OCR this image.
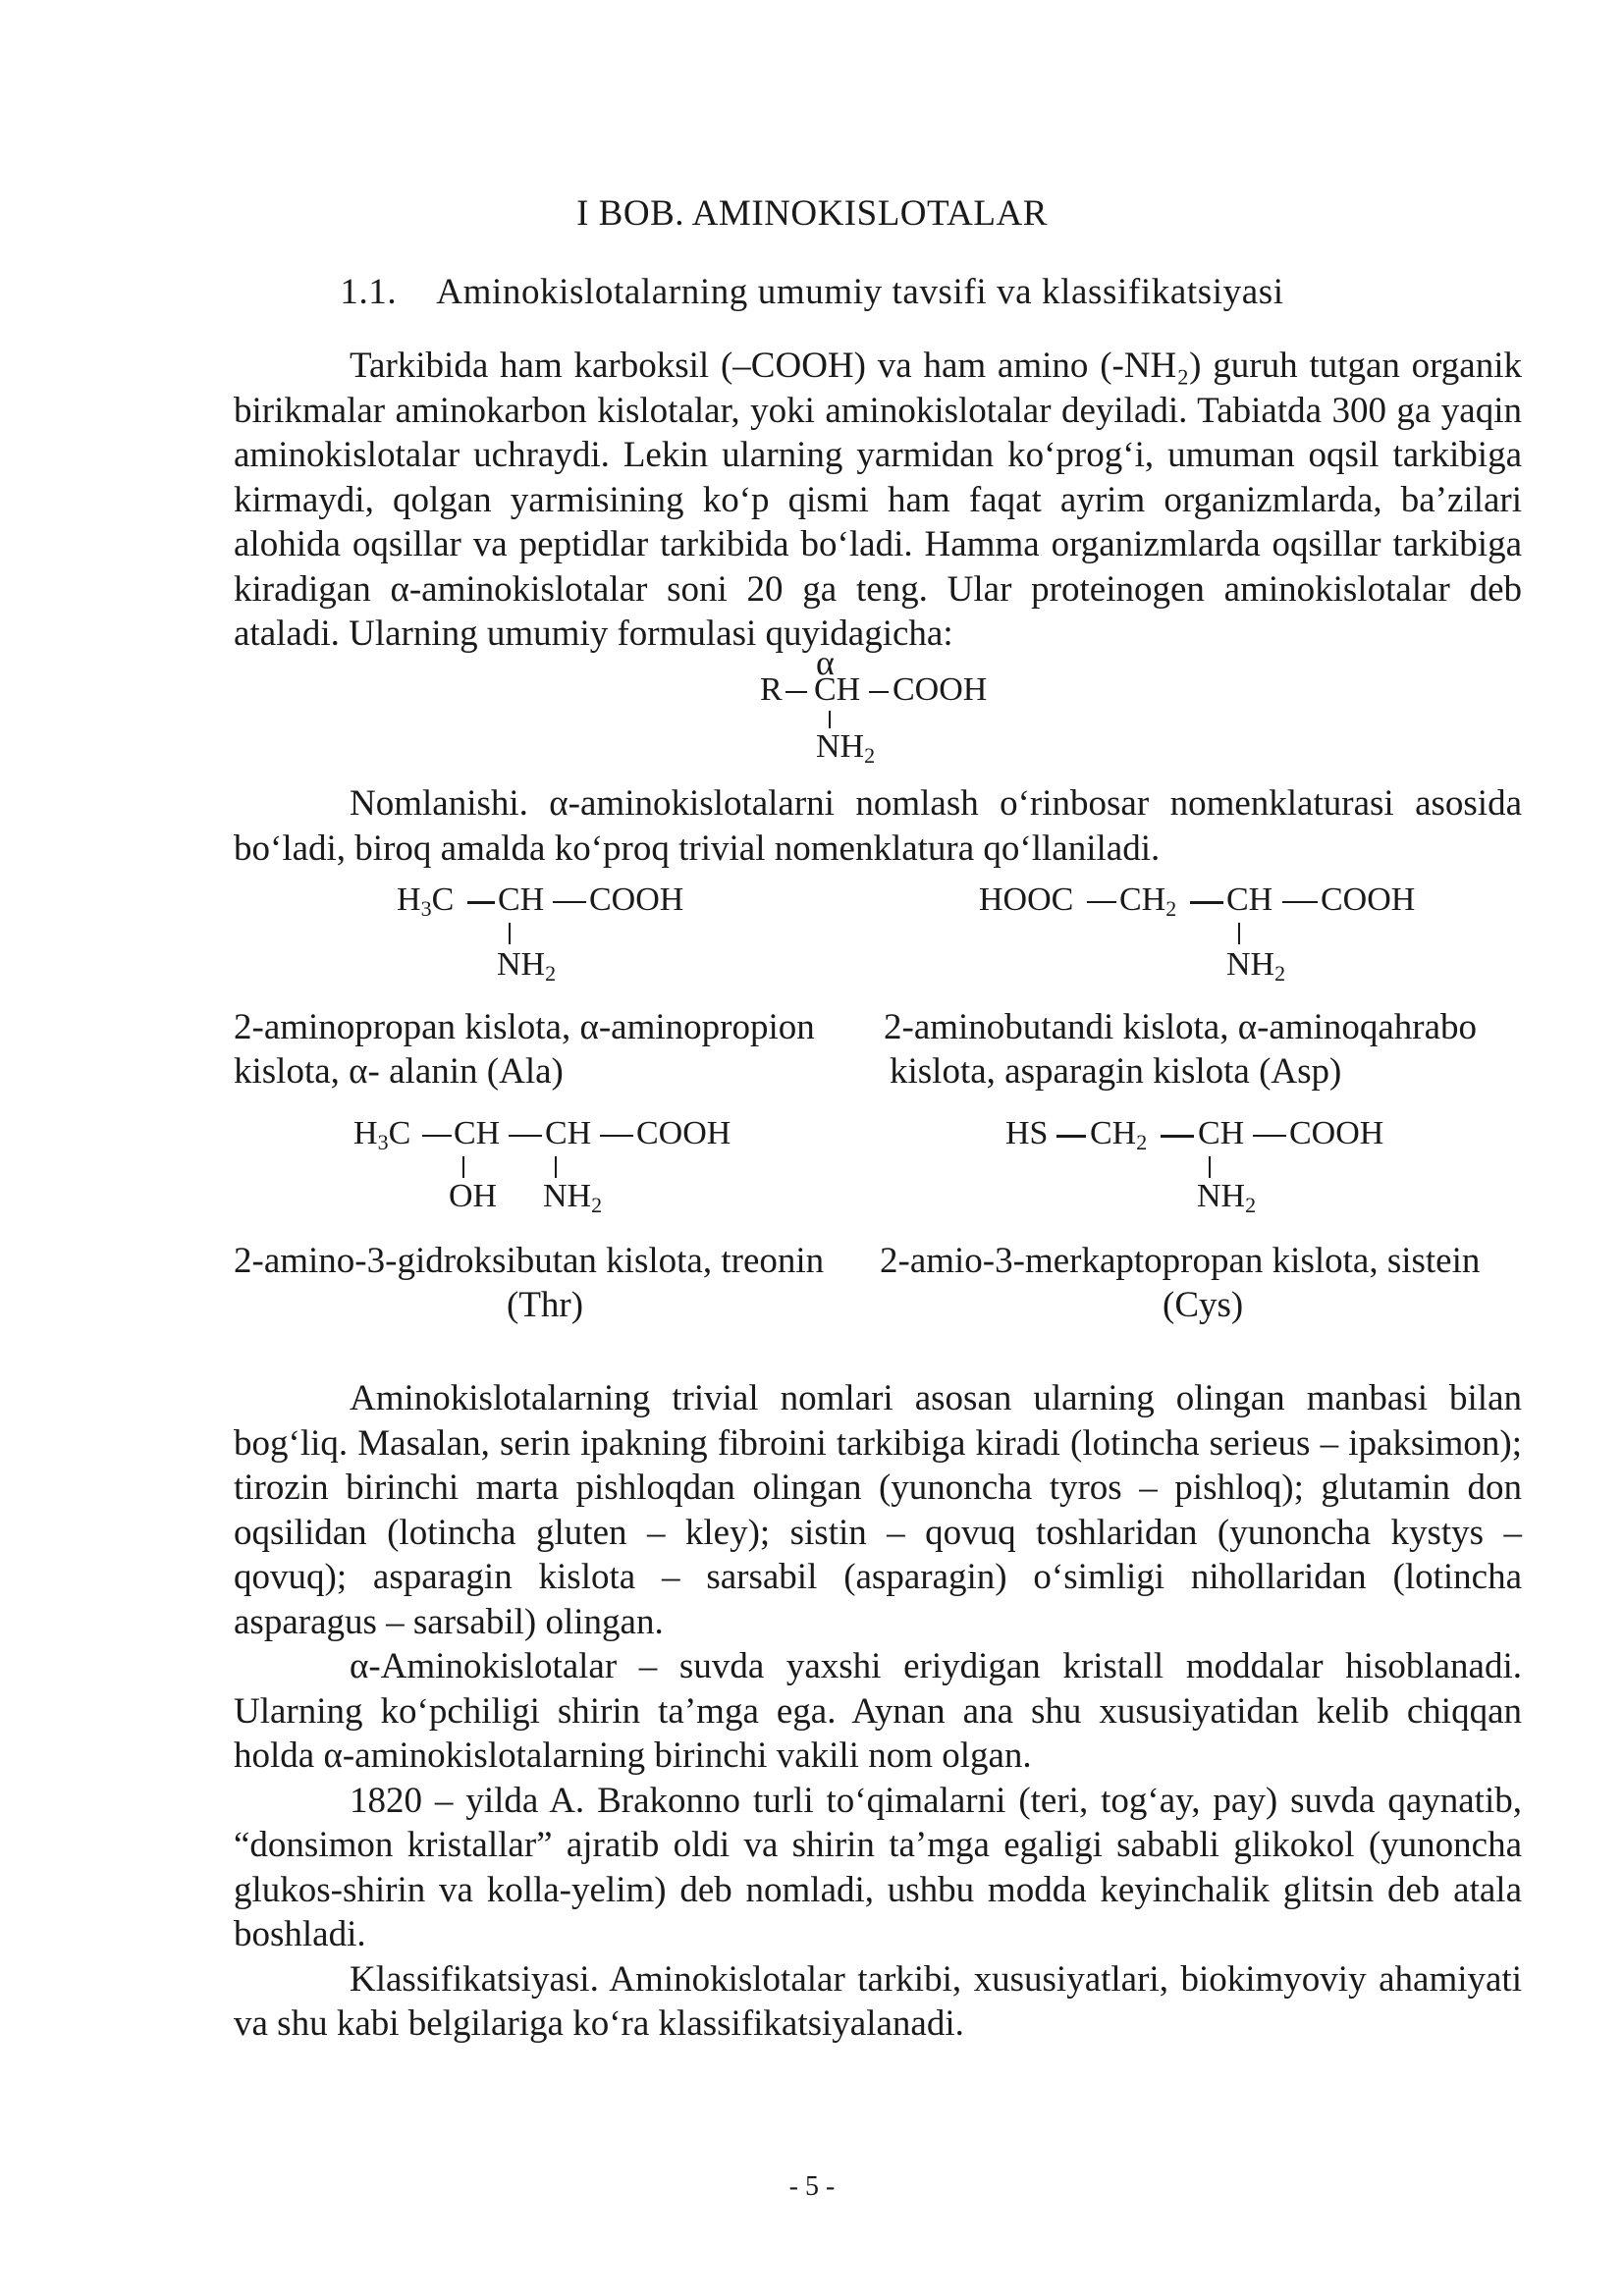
I BOB. AMINOKISLOTALAR
1.1. Aminokislotalarning umumiy tavsifi va klassifikatsiyasi

Tarkibida ham karboksil (–COOH) va ham amino (-NH₂) guruh tutgan organik birikmalar aminokarbon kislotalar, yoki aminokislotalar deyiladi. Tabiatda 300 ga yaqin aminokislotalar uchraydi. Lekin ularning yarmidan ko‘prog‘i, umuman oqsil tarkibiga kirmaydi, qolgan yarmisining ko‘p qismi ham faqat ayrim organizmlarda, ba’zilari alohida oqsillar va peptidlar tarkibida bo‘ladi. Hamma organizmlarda oqsillar tarkibiga kiradigan α-aminokislotalar soni 20 ga teng. Ular proteinogen aminokislotalar deb ataladi. Ularning umumiy formulasi quyidagicha:

α
R CH COOH
$NH_2$

Nomlanishi. α-aminokislotalarni nomlash o‘rinbosar nomenklaturasi asosida bo‘ladi, biroq amalda ko‘proq trivial nomenklatura qo‘llaniladi.

$H_3C$ CH COOH
$NH_2$
HOOC $CH_2$ CH COOH
$NH_2$
2-aminopropan kislota, α-aminopropion
kislota, α- alanin (Ala)
2-aminobutandi kislota, α-aminoqahrabo
kislota, asparagin kislota (Asp)
$H_3C$ CH CH COOH
OH $NH_2$
HS $CH_2$ CH COOH
$NH_2$
2-amino-3-gidroksibutan kislota, treonin
(Thr)
2-amio-3-merkaptopropan kislota, sistein
(Cys)

Aminokislotalarning trivial nomlari asosan ularning olingan manbasi bilan bog‘liq. Masalan, serin ipakning fibroini tarkibiga kiradi (lotincha serieus – ipaksimon); tirozin birinchi marta pishloqdan olingan (yunoncha tyros – pishloq); glutamin don oqsilidan (lotincha gluten – kley); sistin – qovuq toshlaridan (yunoncha kystys – qovuq); asparagin kislota – sarsabil (asparagin) o‘simligi nihollaridan (lotincha asparagus – sarsabil) olingan.

α-Aminokislotalar – suvda yaxshi eriydigan kristall moddalar hisoblanadi. Ularning ko‘pchiligi shirin ta’mga ega. Aynan ana shu xususiyatidan kelib chiqqan holda α-aminokislotalarning birinchi vakili nom olgan.

1820 – yilda A. Brakonno turli to‘qimalarni (teri, tog‘ay, pay) suvda qaynatib, “donsimon kristallar” ajratib oldi va shirin ta’mga egaligi sababli glikokol (yunoncha glukos-shirin va kolla-yelim) deb nomladi, ushbu modda keyinchalik glitsin deb atala boshladi.

Klassifikatsiyasi. Aminokislotalar tarkibi, xususiyatlari, biokimyoviy ahamiyati va shu kabi belgilariga ko‘ra klassifikatsiyalanadi.

- 5 -
